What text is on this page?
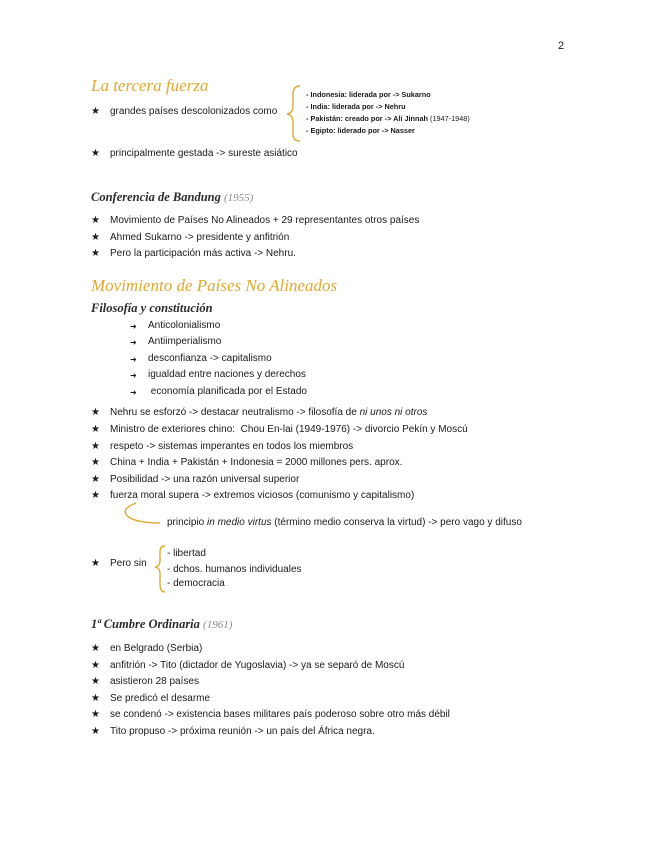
2
La tercera fuerza
★ grandes países descolonizados como
- Indonesia: liderada por -> Sukarno
- India: liderada por -> Nehru
- Pakistán: creado por -> Alí Jinnah (1947-1948)
- Egipto: liderado por -> Nasser
★ principalmente gestada -> sureste asiático
Conferencia de Bandung (1955)
★ Movimiento de Países No Alineados + 29 representantes otros países
★ Ahmed Sukarno -> presidente y anfitrión
★ Pero la participación más activa -> Nehru.
Movimiento de Países No Alineados
Filosofía y constitución
➜ Anticolonialismo
➜ Antiimperialismo
➜ desconfianza -> capitalismo
➜ igualdad entre naciones y derechos
➜ economía planificada por el Estado
★ Nehru se esforzó -> destacar neutralismo -> filosofía de ni unos ni otros
★ Ministro de exteriores chino:  Chou En-lai (1949-1976) -> divorcio Pekín y Moscú
★ respeto -> sistemas imperantes en todos los miembros
★ China + India + Pakistán + Indonesia = 2000 millones pers. aprox.
★ Posibilidad -> una razón universal superior
★ fuerza moral supera -> extremos viciosos (comunismo y capitalismo)
principio in medio virtus (término medio conserva la virtud) -> pero vago y difuso
★ Pero sin
- libertad
- dchos. humanos individuales
- democracia
1ª Cumbre Ordinaria (1961)
★ en Belgrado (Serbia)
★ anfitrión -> Tito (dictador de Yugoslavia) -> ya se separó de Moscú
★ asistieron 28 países
★ Se predicó el desarme
★ se condenó -> existencia bases militares país poderoso sobre otro más débil
★ Tito propuso -> próxima reunión -> un país del África negra.
